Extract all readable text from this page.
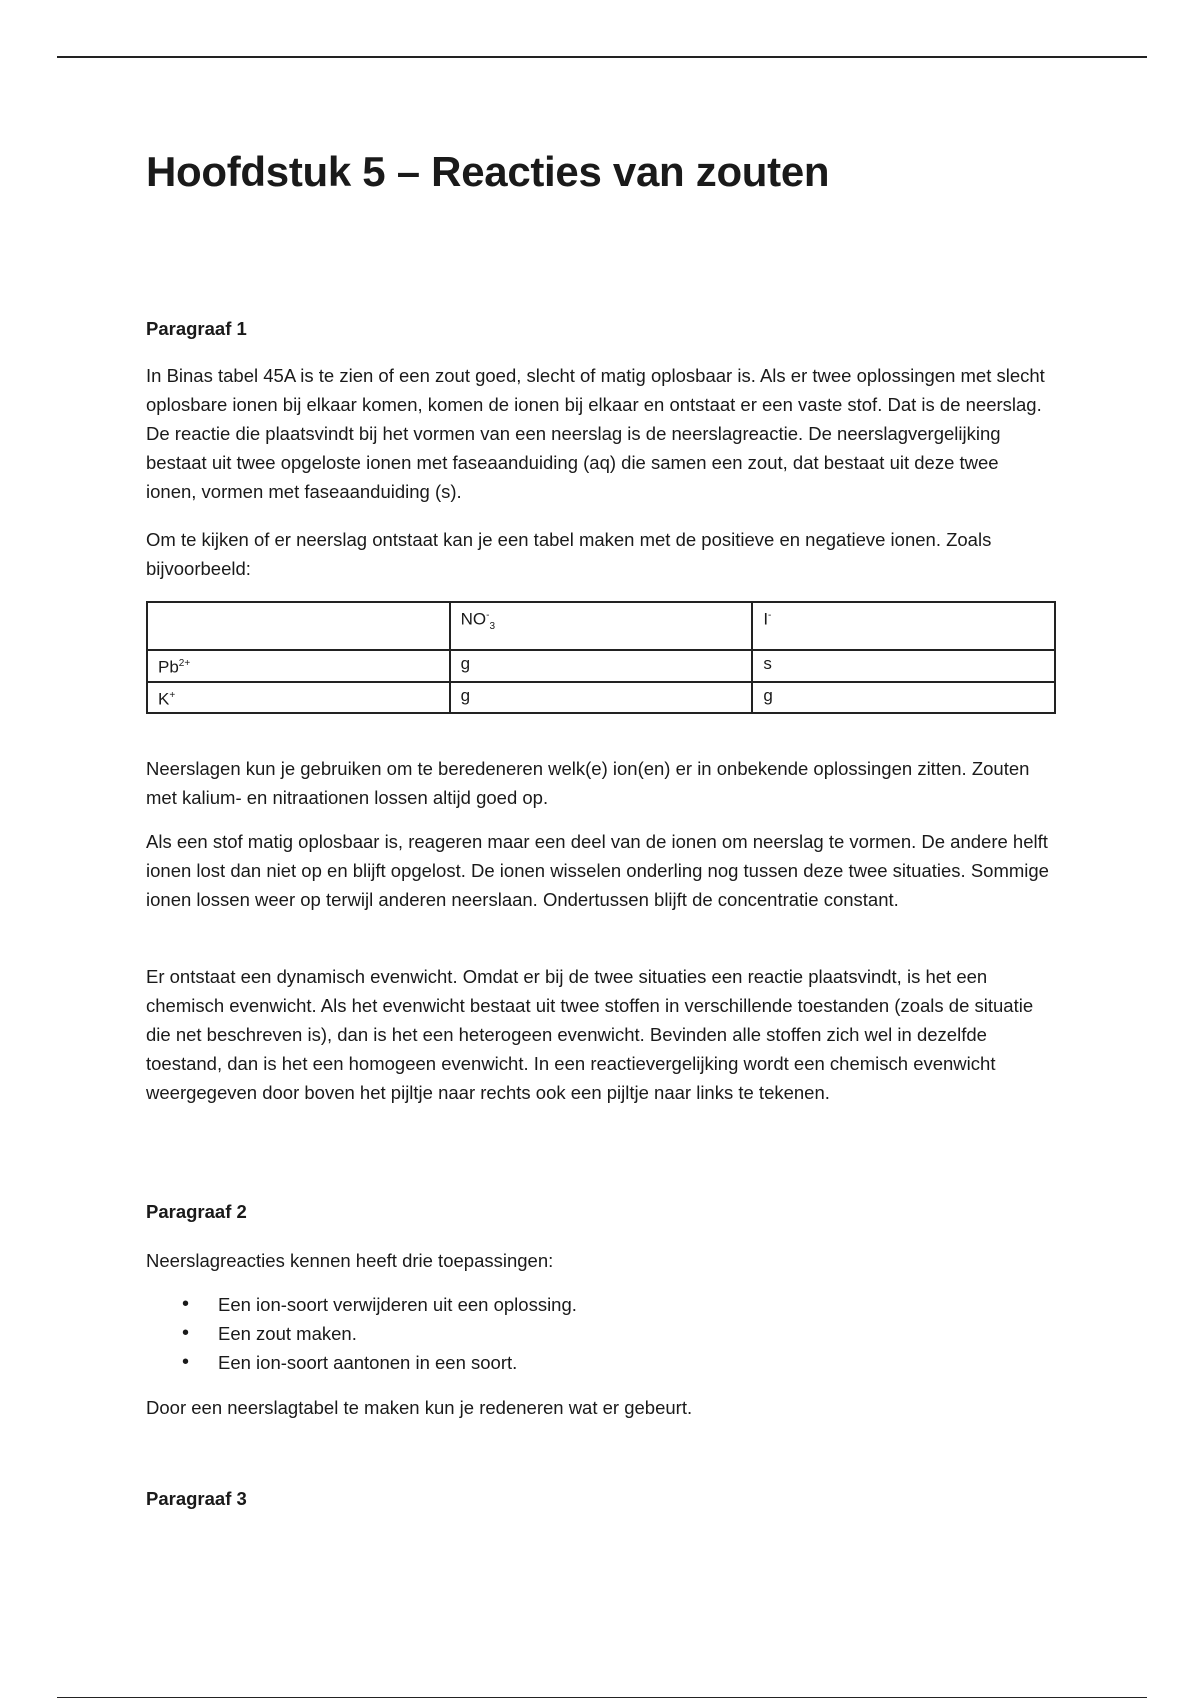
Hoofdstuk 5 – Reacties van zouten

Paragraaf 1

In Binas tabel 45A is te zien of een zout goed, slecht of matig oplosbaar is. Als er twee oplossingen met slecht oplosbare ionen bij elkaar komen, komen de ionen bij elkaar en ontstaat er een vaste stof. Dat is de neerslag. De reactie die plaatsvindt bij het vormen van een neerslag is de neerslagreactie. De neerslagvergelijking bestaat uit twee opgeloste ionen met faseaanduiding (aq) die samen een zout, dat bestaat uit deze twee ionen, vormen met faseaanduiding (s).

Om te kijken of er neerslag ontstaat kan je een tabel maken met de positieve en negatieve ionen. Zoals bijvoorbeeld:

	$NO^-_3$	I-
$Pb^{2+}$	g	s
K+	g	g

Neerslagen kun je gebruiken om te beredeneren welk(e) ion(en) er in onbekende oplossingen zitten. Zouten met kalium- en nitraationen lossen altijd goed op.

Als een stof matig oplosbaar is, reageren maar een deel van de ionen om neerslag te vormen. De andere helft ionen lost dan niet op en blijft opgelost. De ionen wisselen onderling nog tussen deze twee situaties. Sommige ionen lossen weer op terwijl anderen neerslaan. Ondertussen blijft de concentratie constant.

Er ontstaat een dynamisch evenwicht. Omdat er bij de twee situaties een reactie plaatsvindt, is het een chemisch evenwicht. Als het evenwicht bestaat uit twee stoffen in verschillende toestanden (zoals de situatie die net beschreven is), dan is het een heterogeen evenwicht. Bevinden alle stoffen zich wel in dezelfde toestand, dan is het een homogeen evenwicht. In een reactievergelijking wordt een chemisch evenwicht weergegeven door boven het pijltje naar rechts ook een pijltje naar links te tekenen.

Paragraaf 2

Neerslagreacties kennen heeft drie toepassingen:

• Een ion-soort verwijderen uit een oplossing.
• Een zout maken.
• Een ion-soort aantonen in een soort.

Door een neerslagtabel te maken kun je redeneren wat er gebeurt.

Paragraaf 3
